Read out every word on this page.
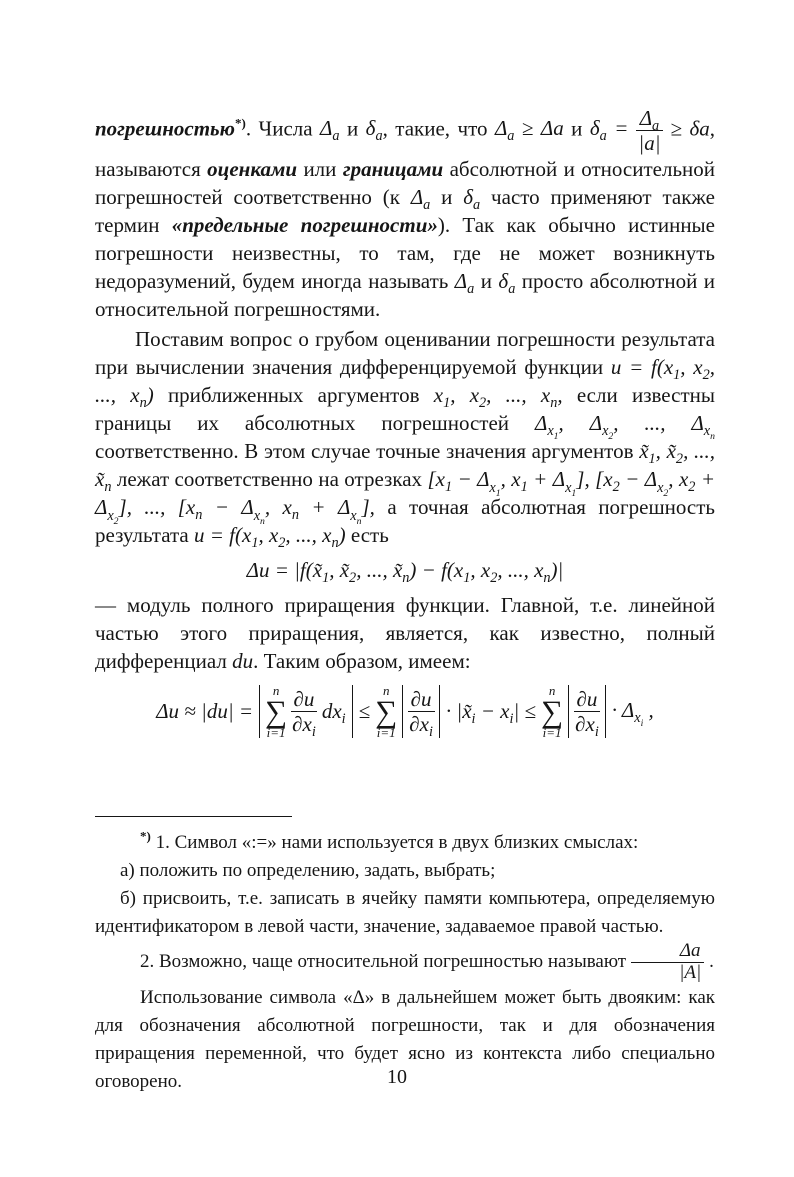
погрешностью*). Числа $\Delta_a$ и $\delta_a$, такие, что $\Delta_a \ge \Delta a$ и $\delta_a = \frac{\Delta_a}{|a|} \ge \delta a$, называются оценками или границами абсолютной и относительной погрешностей соответственно (к $\Delta_a$ и $\delta_a$ часто применяют также термин «предельные погрешности»). Так как обычно истинные погрешности неизвестны, то там, где не может возникнуть недоразумений, будем иногда называть $\Delta_a$ и $\delta_a$ просто абсолютной и относительной погрешностями.

Поставим вопрос о грубом оценивании погрешности результата при вычислении значения дифференцируемой функции $u = f(x_1$, $x_2$, ..., $x_n$) приближенных аргументов $x_1$, $x_2$, ..., $x_n$, если известны границы их абсолютных погрешностей $\Delta_{x_1}$, $\Delta_{x_2}$, ..., $\Delta_{x_n}$ соответственно. В этом случае точные значения аргументов $x̃_1$, $x̃_2$, ..., $x̃_n$ лежат соответственно на отрезках [$x_1 - \Delta_{x_1}$, $x_1 + \Delta_{x_1}$], [$x_2 - \Delta_{x_2}$, $x_2 + \Delta_{x_2}$], ..., [$x_n - \Delta_{x_n}$, $x_n + \Delta_{x_n}$], а точная абсолютная погрешность результата $u = f(x_1$, $x_2$, ..., $x_n$) есть

$\Delta u = |f(x̃_1$, $x̃_2$, ..., $x̃_n) - f(x_1$, $x_2$, ..., $x_n)|$

— модуль полного приращения функции. Главной, т.е. линейной частью этого приращения, является, как известно, полный дифференциал du. Таким образом, имеем:

Δu ≈ |du| =
n
∑
$i=1 \frac{\partial u}{\partial x_i} dx_i$ ≤
n
∑
$i=1 \frac{\partial u}{\partial x_i}$ · $|x̃_i - x_i|$ ≤
n
∑
$i=1 \frac{\partial u}{\partial x_i} \cdot \Delta_{x_i}$ ,

*) 1. Символ «:=» нами используется в двух близких смыслах:

а) положить по определению, задать, выбрать;

б) присвоить, т.е. записать в ячейку памяти компьютера, определяемую идентификатором в левой части, значение, задаваемое правой частью.

2. Возможно, чаще относительной погрешностью называют $\frac{\Delta a}{|A|}$ .

Использование символа «Δ» в дальнейшем может быть двояким: как для обозначения абсолютной погрешности, так и для обозначения приращения переменной, что будет ясно из контекста либо специально оговорено.	10
